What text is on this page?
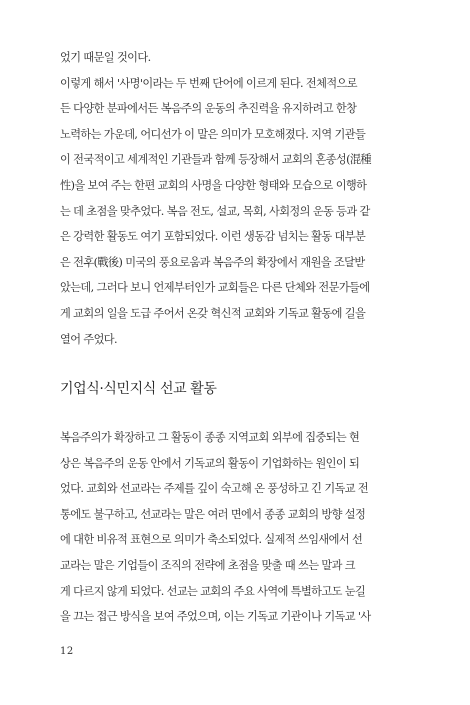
었기 때문일 것이다.
이렇게 해서 '사명'이라는 두 번째 단어에 이르게 된다. 전체적으로
든 다양한 분파에서든 복음주의 운동의 추진력을 유지하려고 한창
노력하는 가운데, 어디선가 이 말은 의미가 모호해졌다. 지역 기관들
이 전국적이고 세계적인 기관들과 함께 등장해서 교회의 혼종성(混種
性)을 보여 주는 한편 교회의 사명을 다양한 형태와 모습으로 이행하
는 데 초점을 맞추었다. 복음 전도, 설교, 목회, 사회정의 운동 등과 같
은 강력한 활동도 여기 포함되었다. 이런 생동감 넘치는 활동 대부분
은 전후(戰後) 미국의 풍요로움과 복음주의 확장에서 재원을 조달받
았는데, 그러다 보니 언제부터인가 교회들은 다른 단체와 전문가들에
게 교회의 일을 도급 주어서 온갖 혁신적 교회와 기독교 활동에 길을
열어 주었다.
기업식·식민지식 선교 활동
복음주의가 확장하고 그 활동이 종종 지역교회 외부에 집중되는 현
상은 복음주의 운동 안에서 기독교의 활동이 기업화하는 원인이 되
었다. 교회와 선교라는 주제를 깊이 숙고해 온 풍성하고 긴 기독교 전
통에도 불구하고, 선교라는 말은 여러 면에서 종종 교회의 방향 설정
에 대한 비유적 표현으로 의미가 축소되었다. 실제적 쓰임새에서 선
교라는 말은 기업들이 조직의 전략에 초점을 맞출 때 쓰는 말과 크
게 다르지 않게 되었다. 선교는 교회의 주요 사역에 특별하고도 눈길
을 끄는 접근 방식을 보여 주었으며, 이는 기독교 기관이나 기독교 '사
12
